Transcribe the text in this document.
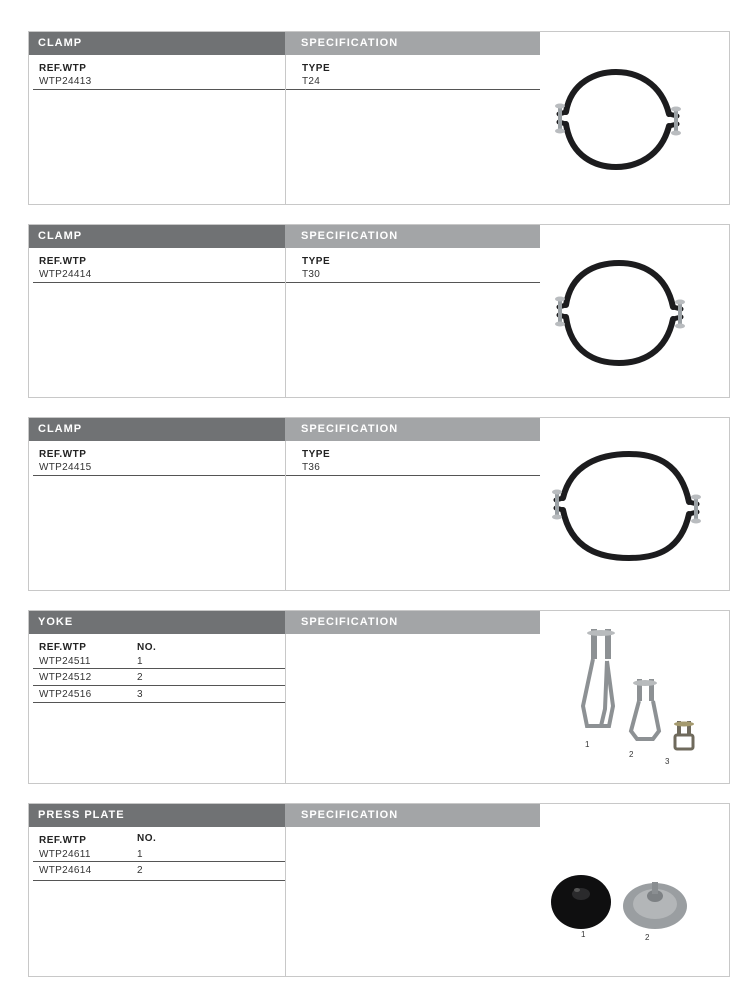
CLAMP	SPECIFICATION
REF.WTP
WTP24413
TYPE
T24
CLAMP	SPECIFICATION
REF.WTP
WTP24414
TYPE
T30
CLAMP	SPECIFICATION
REF.WTP
WTP24415
TYPE
T36
YOKE	SPECIFICATION
REF.WTP	NO.
WTP24511	1
WTP24512	2
WTP24516	3
1
2
3
PRESS PLATE	SPECIFICATION
REF.WTP	NO.
WTP24611	1
WTP24614	2
1	2
